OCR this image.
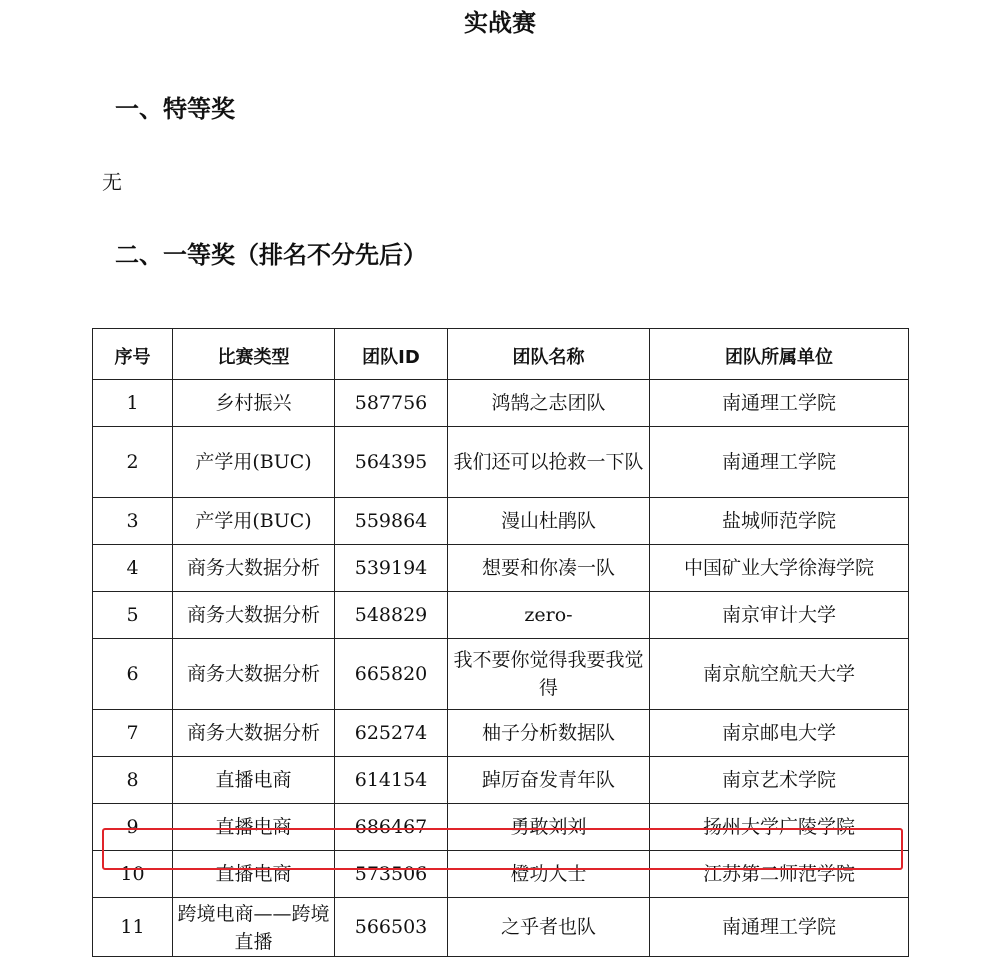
实战赛
一、特等奖
无
二、一等奖（排名不分先后）
序号	比赛类型	团队ID	团队名称	团队所属单位
1	乡村振兴	587756	鸿鹄之志团队	南通理工学院
2	产学用(BUC)	564395	我们还可以抢救一下队	南通理工学院
3	产学用(BUC)	559864	漫山杜鹃队	盐城师范学院
4	商务大数据分析	539194	想要和你凑一队	中国矿业大学徐海学院
5	商务大数据分析	548829	zero-	南京审计大学
6	商务大数据分析	665820	我不要你觉得我要我觉得	南京航空航天大学
7	商务大数据分析	625274	柚子分析数据队	南京邮电大学
8	直播电商	614154	踔厉奋发青年队	南京艺术学院
9	直播电商	686467	勇敢刘刘	扬州大学广陵学院
10	直播电商	573506	橙功人士	江苏第二师范学院
11	跨境电商——跨境直播	566503	之乎者也队	南通理工学院
